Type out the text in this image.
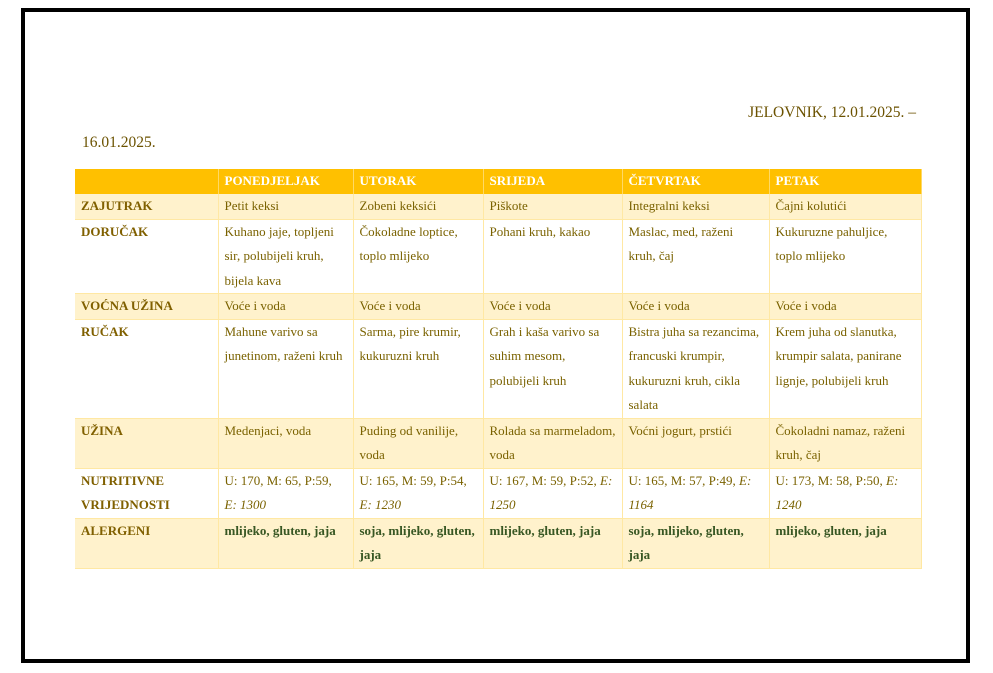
JELOVNIK, 12.01.2025. –
16.01.2025.
	PONEDJELJAK	UTORAK	SRIJEDA	ČETVRTAK	PETAK
ZAJUTRAK	Petit keksi	Zobeni keksići	Piškote	Integralni keksi	Čajni kolutići
DORUČAK	Kuhano jaje, topljeni sir, polubijeli kruh, bijela kava	Čokoladne loptice, toplo mlijeko	Pohani kruh, kakao	Maslac, med, raženi kruh, čaj	Kukuruzne pahuljice, toplo mlijeko
VOĆNA UŽINA	Voće i voda	Voće i voda	Voće i voda	Voće i voda	Voće i voda
RUČAK	Mahune varivo sa junetinom, raženi kruh	Sarma, pire krumir, kukuruzni kruh	Grah i kaša varivo sa suhim mesom, polubijeli kruh	Bistra juha sa rezancima, francuski krumpir, kukuruzni kruh, cikla salata	Krem juha od slanutka, krumpir salata, panirane lignje, polubijeli kruh
UŽINA	Medenjaci, voda	Puding od vanilije, voda	Rolada sa marmeladom, voda	Voćni jogurt, prstići	Čokoladni namaz, raženi kruh, čaj
NUTRITIVNE VRIJEDNOSTI	U: 170, M: 65, P:59, E: 1300	U: 165, M: 59, P:54,   E: 1230	U: 167, M: 59, P:52, E: 1250	U: 165, M: 57, P:49, E: 1164	U: 173, M: 58, P:50, E: 1240
ALERGENI	mlijeko, gluten, jaja	soja, mlijeko, gluten, jaja	mlijeko, gluten, jaja	soja, mlijeko, gluten, jaja	mlijeko, gluten, jaja
